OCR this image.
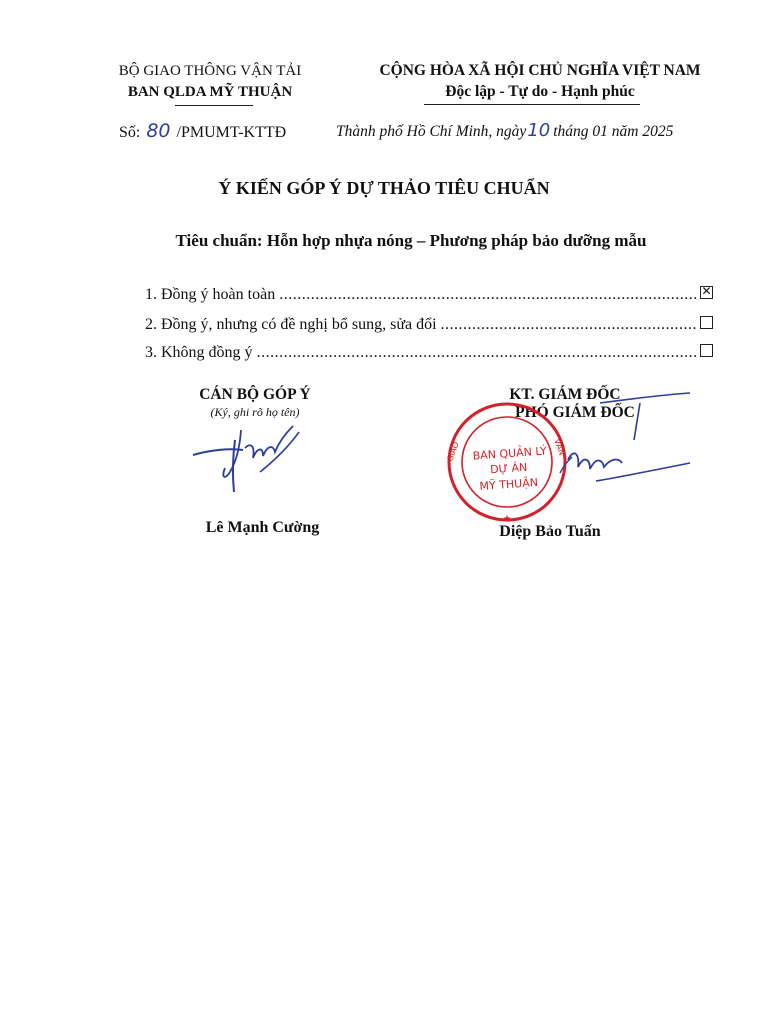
BỘ GIAO THÔNG VẬN TẢI
BAN QLDA MỸ THUẬN
CỘNG HÒA XÃ HỘI CHỦ NGHĨA VIỆT NAM
Độc lập - Tự do - Hạnh phúc
Số: 80 /PMUMT-KTTĐ	Thành phố Hồ Chí Minh, ngày10 tháng 01 năm 2025
Ý KIẾN GÓP Ý DỰ THẢO TIÊU CHUẨN
Tiêu chuẩn: Hỗn hợp nhựa nóng – Phương pháp bảo dưỡng mẫu
1. Đồng ý hoàn toàn
.....	✕
2. Đồng ý, nhưng có đề nghị bổ sung, sửa đổi
.....
3. Không đồng ý
.....
CÁN BỘ GÓP Ý
(Ký, ghi rõ họ tên)
Lê Mạnh Cường
KT. GIÁM ĐỐC
PHÓ GIÁM ĐỐC
GIAO	VẬN
BAN QUẢN LÝ
DỰ ÁN
MỸ THUẬN
★
Diệp Bảo Tuấn
